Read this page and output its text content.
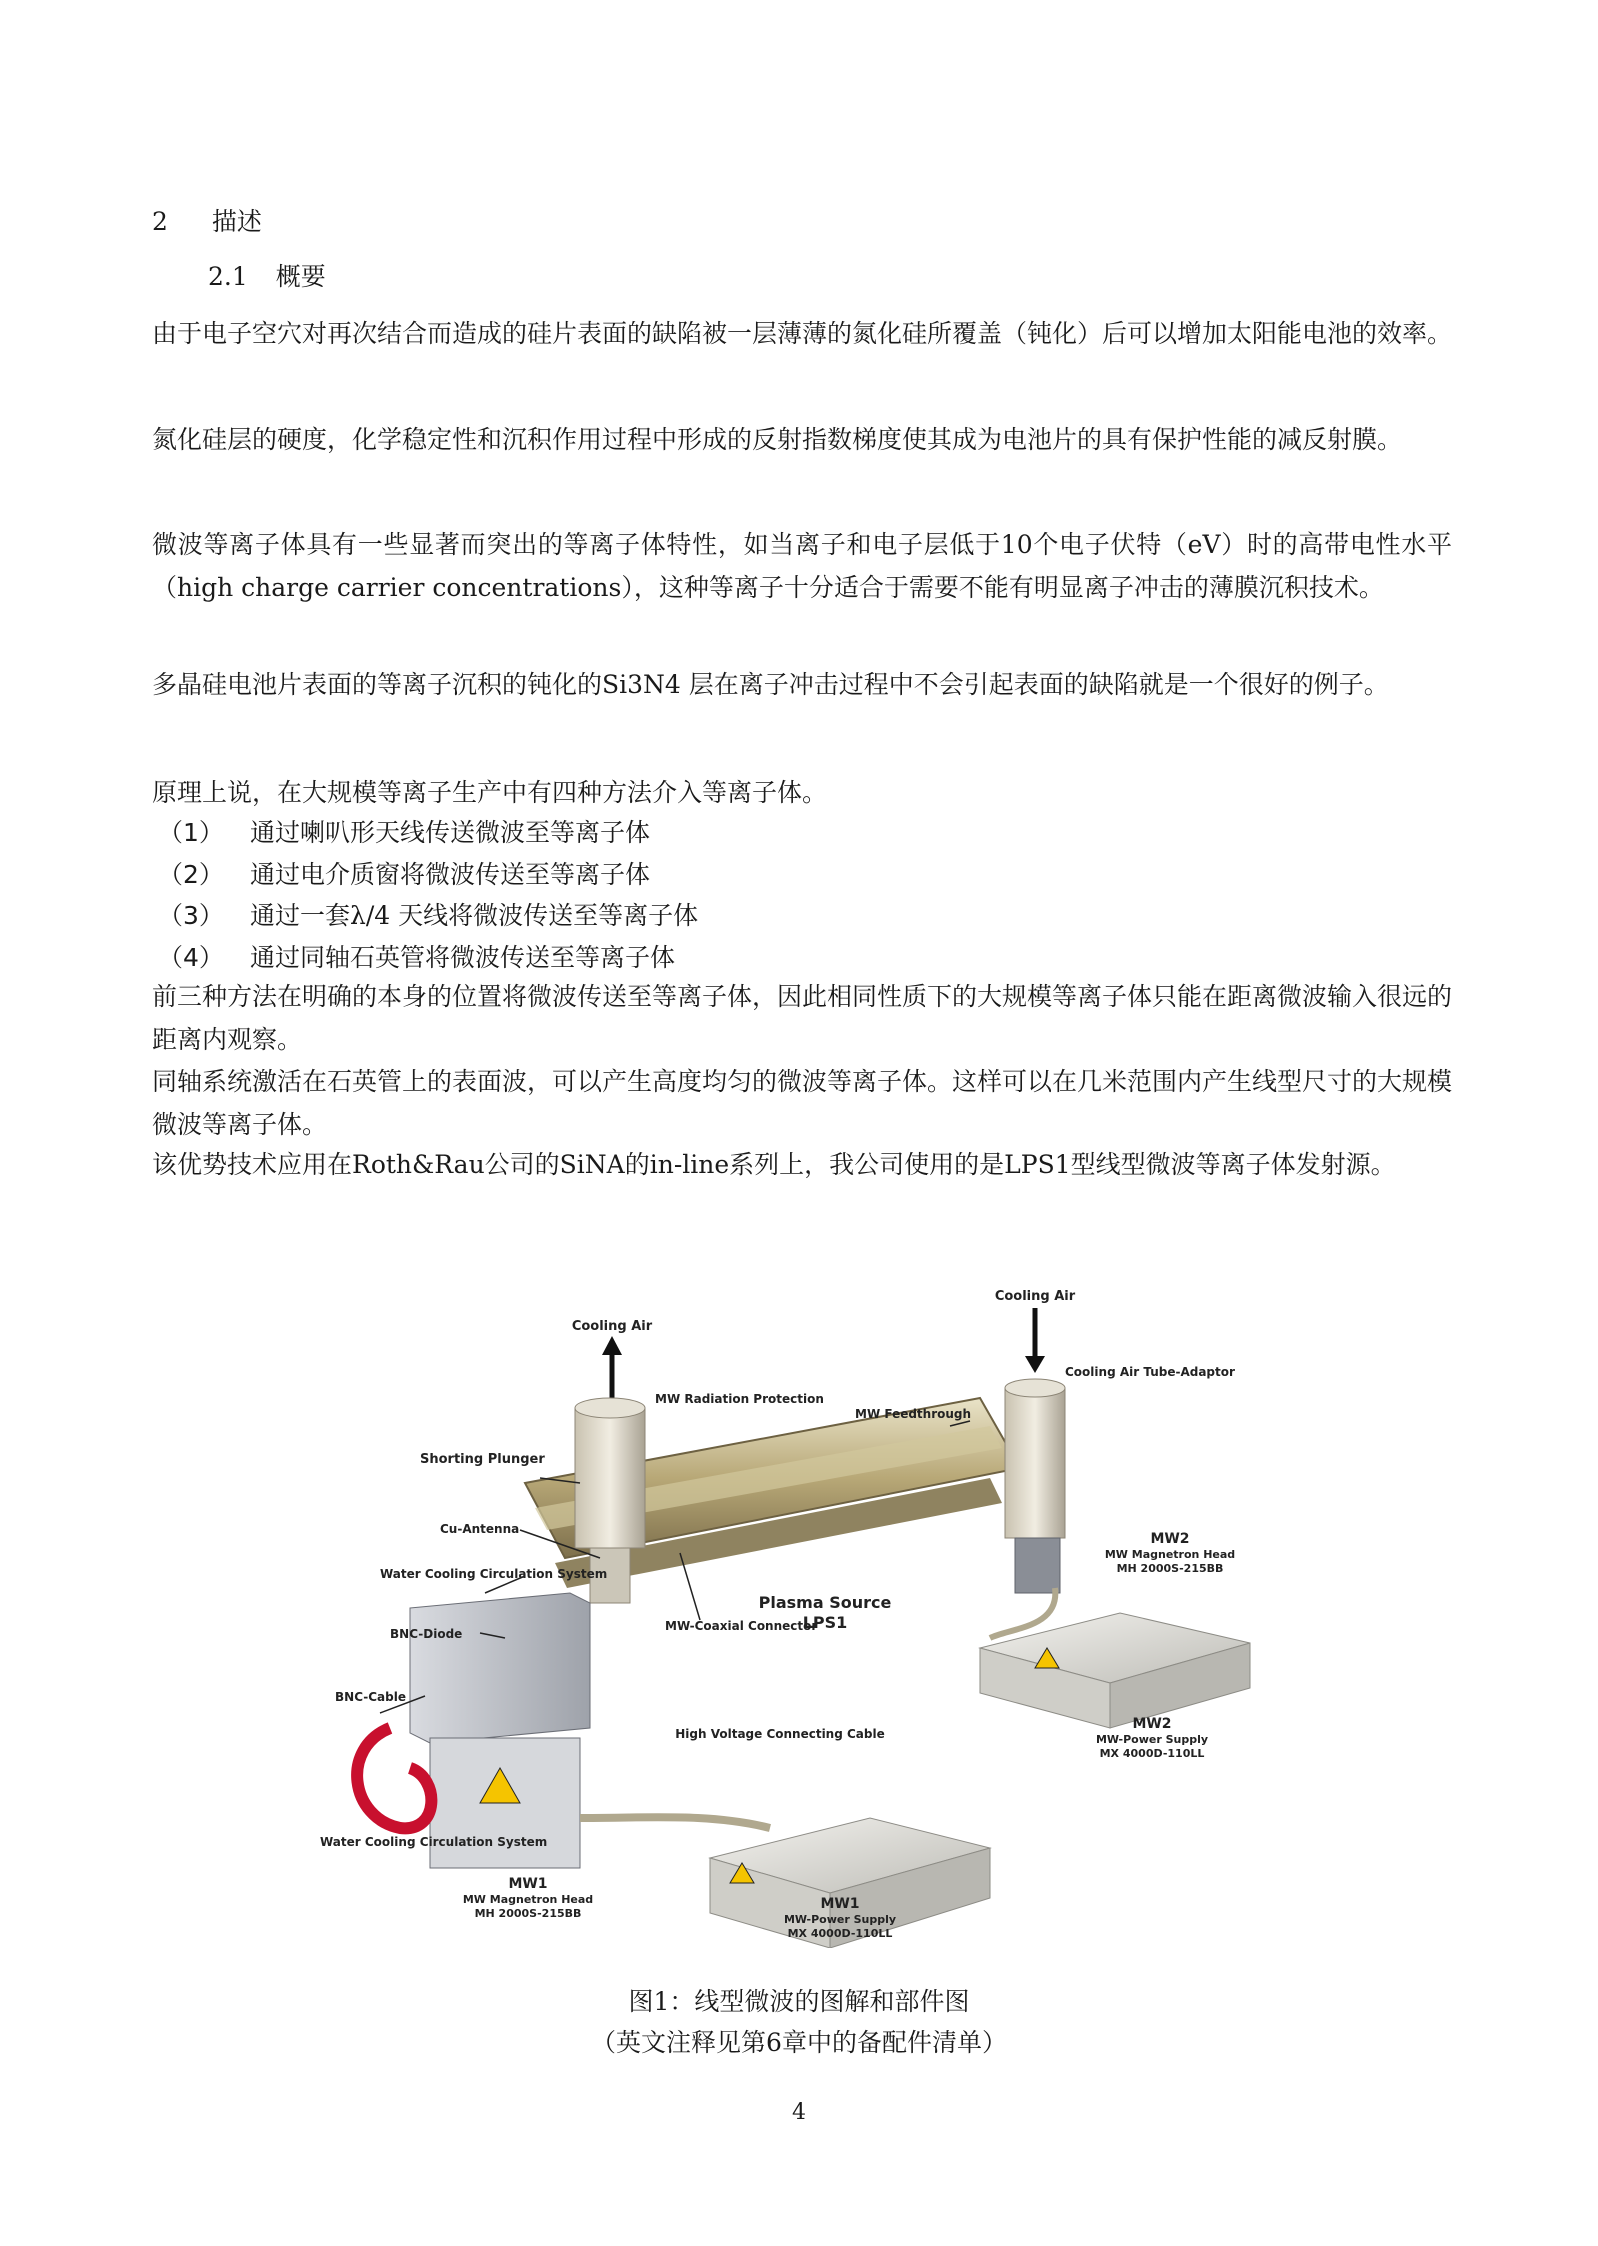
2 描述
2.1 概要
由于电子空穴对再次结合而造成的硅片表面的缺陷被一层薄薄的氮化硅所覆盖（钝化）后可以增加太阳能电池的效率。
氮化硅层的硬度，化学稳定性和沉积作用过程中形成的反射指数梯度使其成为电池片的具有保护性能的减反射膜。
微波等离子体具有一些显著而突出的等离子体特性，如当离子和电子层低于10个电子伏特（eV）时的高带电性水平（high charge carrier concentrations），这种等离子十分适合于需要不能有明显离子冲击的薄膜沉积技术。
多晶硅电池片表面的等离子沉积的钝化的Si3N4 层在离子冲击过程中不会引起表面的缺陷就是一个很好的例子。
原理上说，在大规模等离子生产中有四种方法介入等离子体。
（1） 通过喇叭形天线传送微波至等离子体
（2） 通过电介质窗将微波传送至等离子体
（3） 通过一套λ/4 天线将微波传送至等离子体
（4） 通过同轴石英管将微波传送至等离子体
前三种方法在明确的本身的位置将微波传送至等离子体，因此相同性质下的大规模等离子体只能在距离微波输入很远的距离内观察。
同轴系统激活在石英管上的表面波，可以产生高度均匀的微波等离子体。这样可以在几米范围内产生线型尺寸的大规模微波等离子体。
该优势技术应用在Roth&Rau公司的SiNA的in-line系列上，我公司使用的是LPS1型线型微波等离子体发射源。
Cooling Air
Cooling Air
Cooling Air Tube-Adaptor
MW Radiation Protection
MW Feedthrough
Shorting Plunger
Cu-Antenna
Water Cooling Circulation System
BNC-Diode
BNC-Cable
Water Cooling Circulation System
MW-Coaxial Connector
Plasma Source
LPS1
High Voltage Connecting Cable
MW2
MW Magnetron Head
MH 2000S-215BB
MW2
MW-Power Supply
MX 4000D-110LL
MW1
MW Magnetron Head
MH 2000S-215BB
MW1
MW-Power Supply
MX 4000D-110LL
图1：线型微波的图解和部件图
（英文注释见第6章中的备配件清单）
4
